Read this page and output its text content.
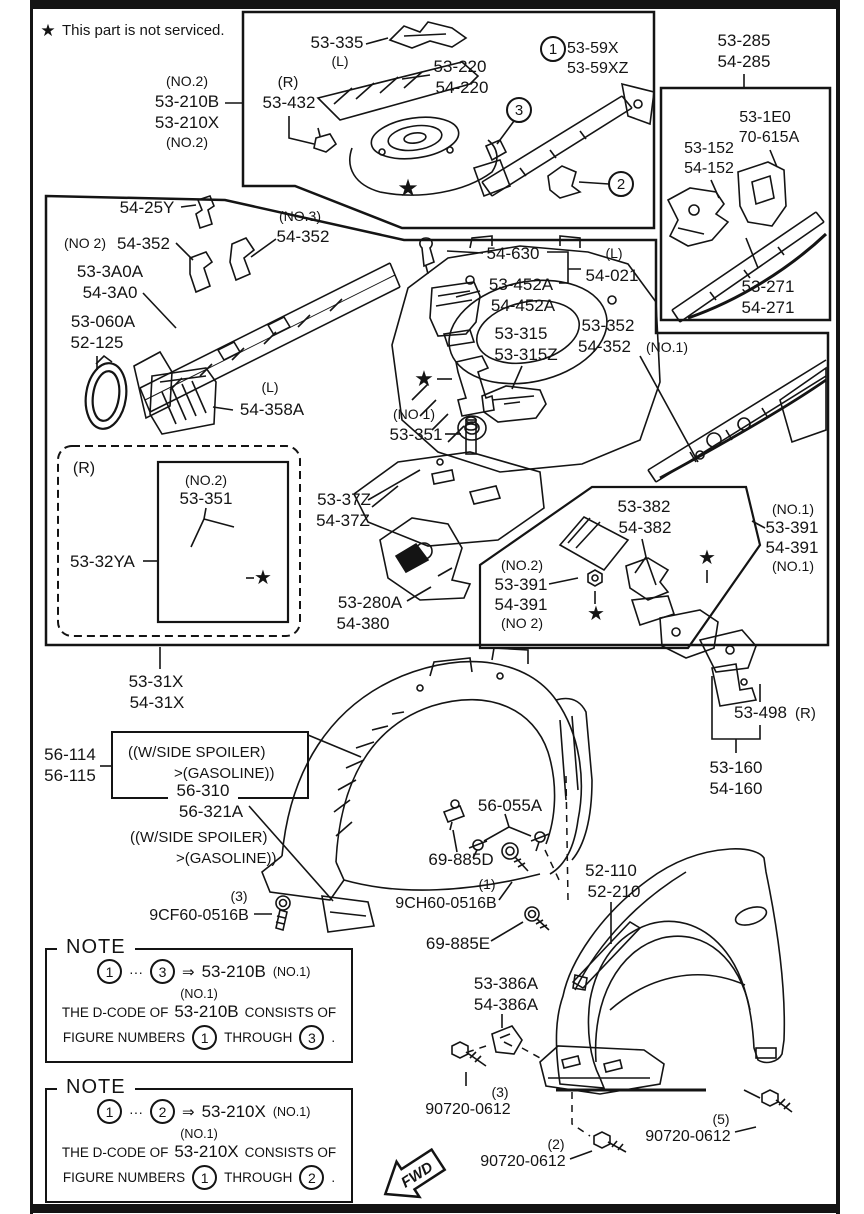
1
3
2
★
★
★
★
★
★
This part is not serviced.
(NO.2)
53-210B
53-210X
(NO.2)
53-335
(L)	53-220
54-220
(R)
53-432
53-59X
53-59XZ
53-285
54-285
53-152
54-152
53-1E0
70-615A
53-271
54-271
54-25Y
(NO 2) 54-352
(NO.3)
54-352
53-3A0A
54-3A0
53-060A
52-125
(L)
54-358A
54-630
53-452A
54-452A
(L)
54-021
53-315
53-315Z
53-352
54-352 (NO.1)
(NO 1)
53-351
(R)
(NO.2)
53-351
53-32YA
53-37Z
54-37Z
53-280A
54-380
53-382
54-382
(NO.2)
53-391
54-391
(NO 2)
(NO.1)
53-391
54-391
(NO.1)
53-31X
54-31X
56-114
56-115
((W/SIDE SPOILER)
>(GASOLINE))
56-310
56-321A
((W/SIDE SPOILER)
>(GASOLINE))
(3)
9CF60-0516B
69-885D
56-055A
(1)
9CH60-0516B
69-885E
52-110
52-210
53-498 (R)
53-160
54-160
53-386A
54-386A
(3)
90720-0612
(2)
90720-0612
(5)
90720-0612
FWD
NOTE
1	···	3	⇒ 53-210B (NO.1)
(NO.1)
THE D-CODE OF 53-210B CONSISTS OF
FIGURE NUMBERS	1	THROUGH	3	.
NOTE
1	···	2	⇒ 53-210X (NO.1)
(NO.1)
THE D-CODE OF 53-210X CONSISTS OF
FIGURE NUMBERS	1	THROUGH	2	.
